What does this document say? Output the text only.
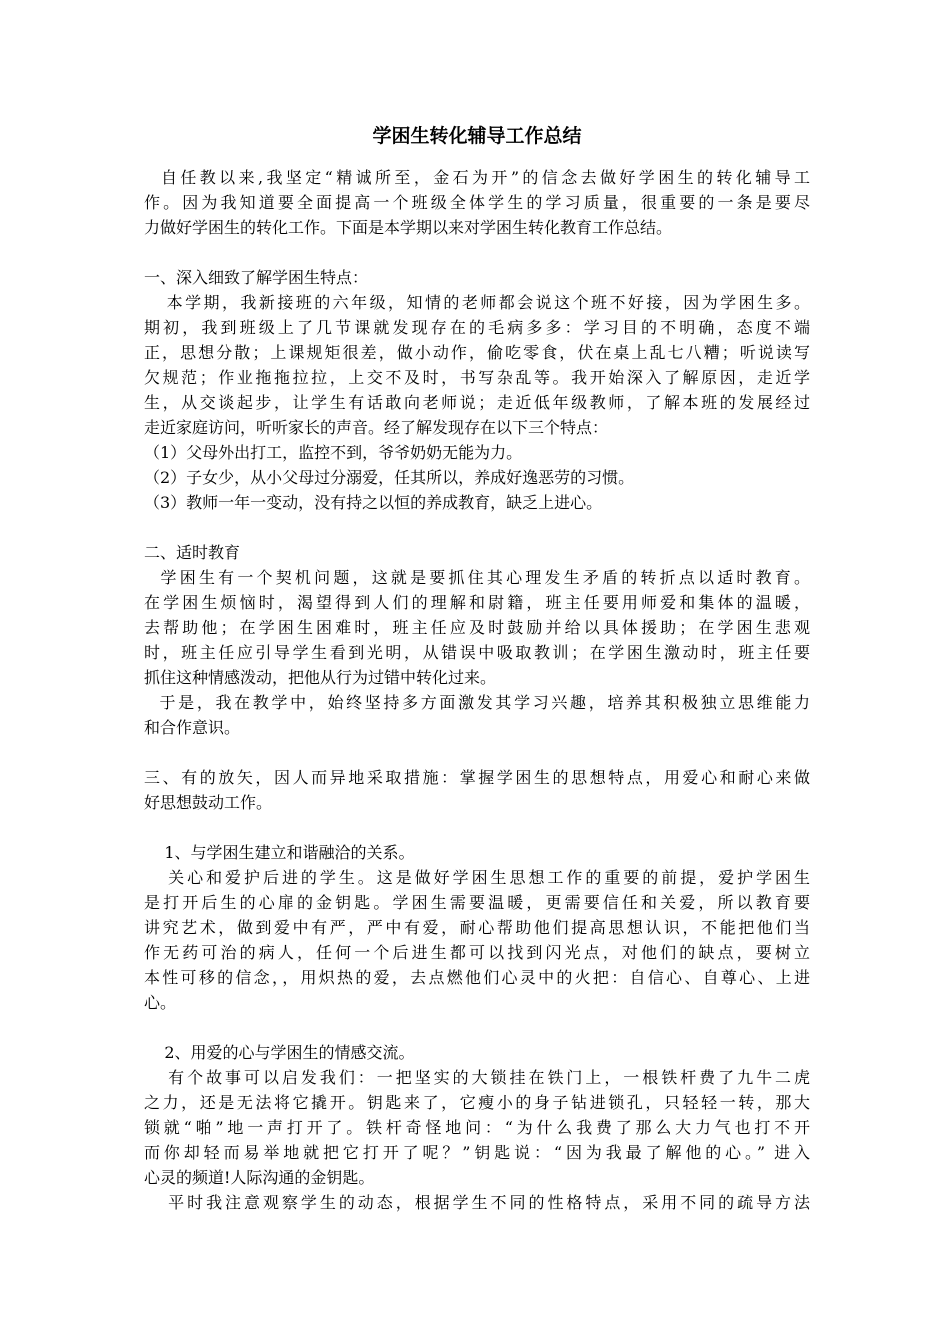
学困生转化辅导工作总结
自任教以来,我坚定“精诚所至，金石为开”的信念去做好学困生的转化辅导工
作。因为我知道要全面提高一个班级全体学生的学习质量，很重要的一条是要尽
力做好学困生的转化工作。下面是本学期以来对学困生转化教育工作总结。
一、深入细致了解学困生特点：
本学期，我新接班的六年级，知情的老师都会说这个班不好接，因为学困生多。
期初，我到班级上了几节课就发现存在的毛病多多：学习目的不明确，态度不端
正，思想分散；上课规矩很差，做小动作，偷吃零食，伏在桌上乱七八糟；听说读写
欠规范；作业拖拖拉拉，上交不及时，书写杂乱等。我开始深入了解原因，走近学
生，从交谈起步，让学生有话敢向老师说；走近低年级教师，了解本班的发展经过
走近家庭访问，听听家长的声音。经了解发现存在以下三个特点：
（1）父母外出打工，监控不到，爷爷奶奶无能为力。
（2）子女少，从小父母过分溺爱，任其所以，养成好逸恶劳的习惯。
（3）教师一年一变动，没有持之以恒的养成教育，缺乏上进心。
二、适时教育
学困生有一个契机问题，这就是要抓住其心理发生矛盾的转折点以适时教育。
在学困生烦恼时，渴望得到人们的理解和尉籍，班主任要用师爱和集体的温暖，
去帮助他；在学困生困难时，班主任应及时鼓励并给以具体援助；在学困生悲观
时，班主任应引导学生看到光明，从错误中吸取教训；在学困生激动时，班主任要
抓住这种情感泼动，把他从行为过错中转化过来。
于是，我在教学中，始终坚持多方面激发其学习兴趣，培养其积极独立思维能力
和合作意识。
三、有的放矢，因人而异地采取措施：掌握学困生的思想特点，用爱心和耐心来做
好思想鼓动工作。
1、与学困生建立和谐融洽的关系。
关心和爱护后进的学生。这是做好学困生思想工作的重要的前提，爱护学困生
是打开后生的心扉的金钥匙。学困生需要温暖，更需要信任和关爱，所以教育要
讲究艺术，做到爱中有严，严中有爱，耐心帮助他们提高思想认识，不能把他们当
作无药可治的病人，任何一个后进生都可以找到闪光点，对他们的缺点，要树立
本性可移的信念，，用炽热的爱，去点燃他们心灵中的火把：自信心、自尊心、上进
心。
2、用爱的心与学困生的情感交流。
有个故事可以启发我们：一把坚实的大锁挂在铁门上，一根铁杆费了九牛二虎
之力，还是无法将它撬开。钥匙来了，它瘦小的身子钻进锁孔，只轻轻一转，那大
锁就“啪”地一声打开了。铁杆奇怪地问：“为什么我费了那么大力气也打不开
而你却轻而易举地就把它打开了呢？”钥匙说：“因为我最了解他的心。” 进入
心灵的频道!人际沟通的金钥匙。
平时我注意观察学生的动态，根据学生不同的性格特点，采用不同的疏导方法
